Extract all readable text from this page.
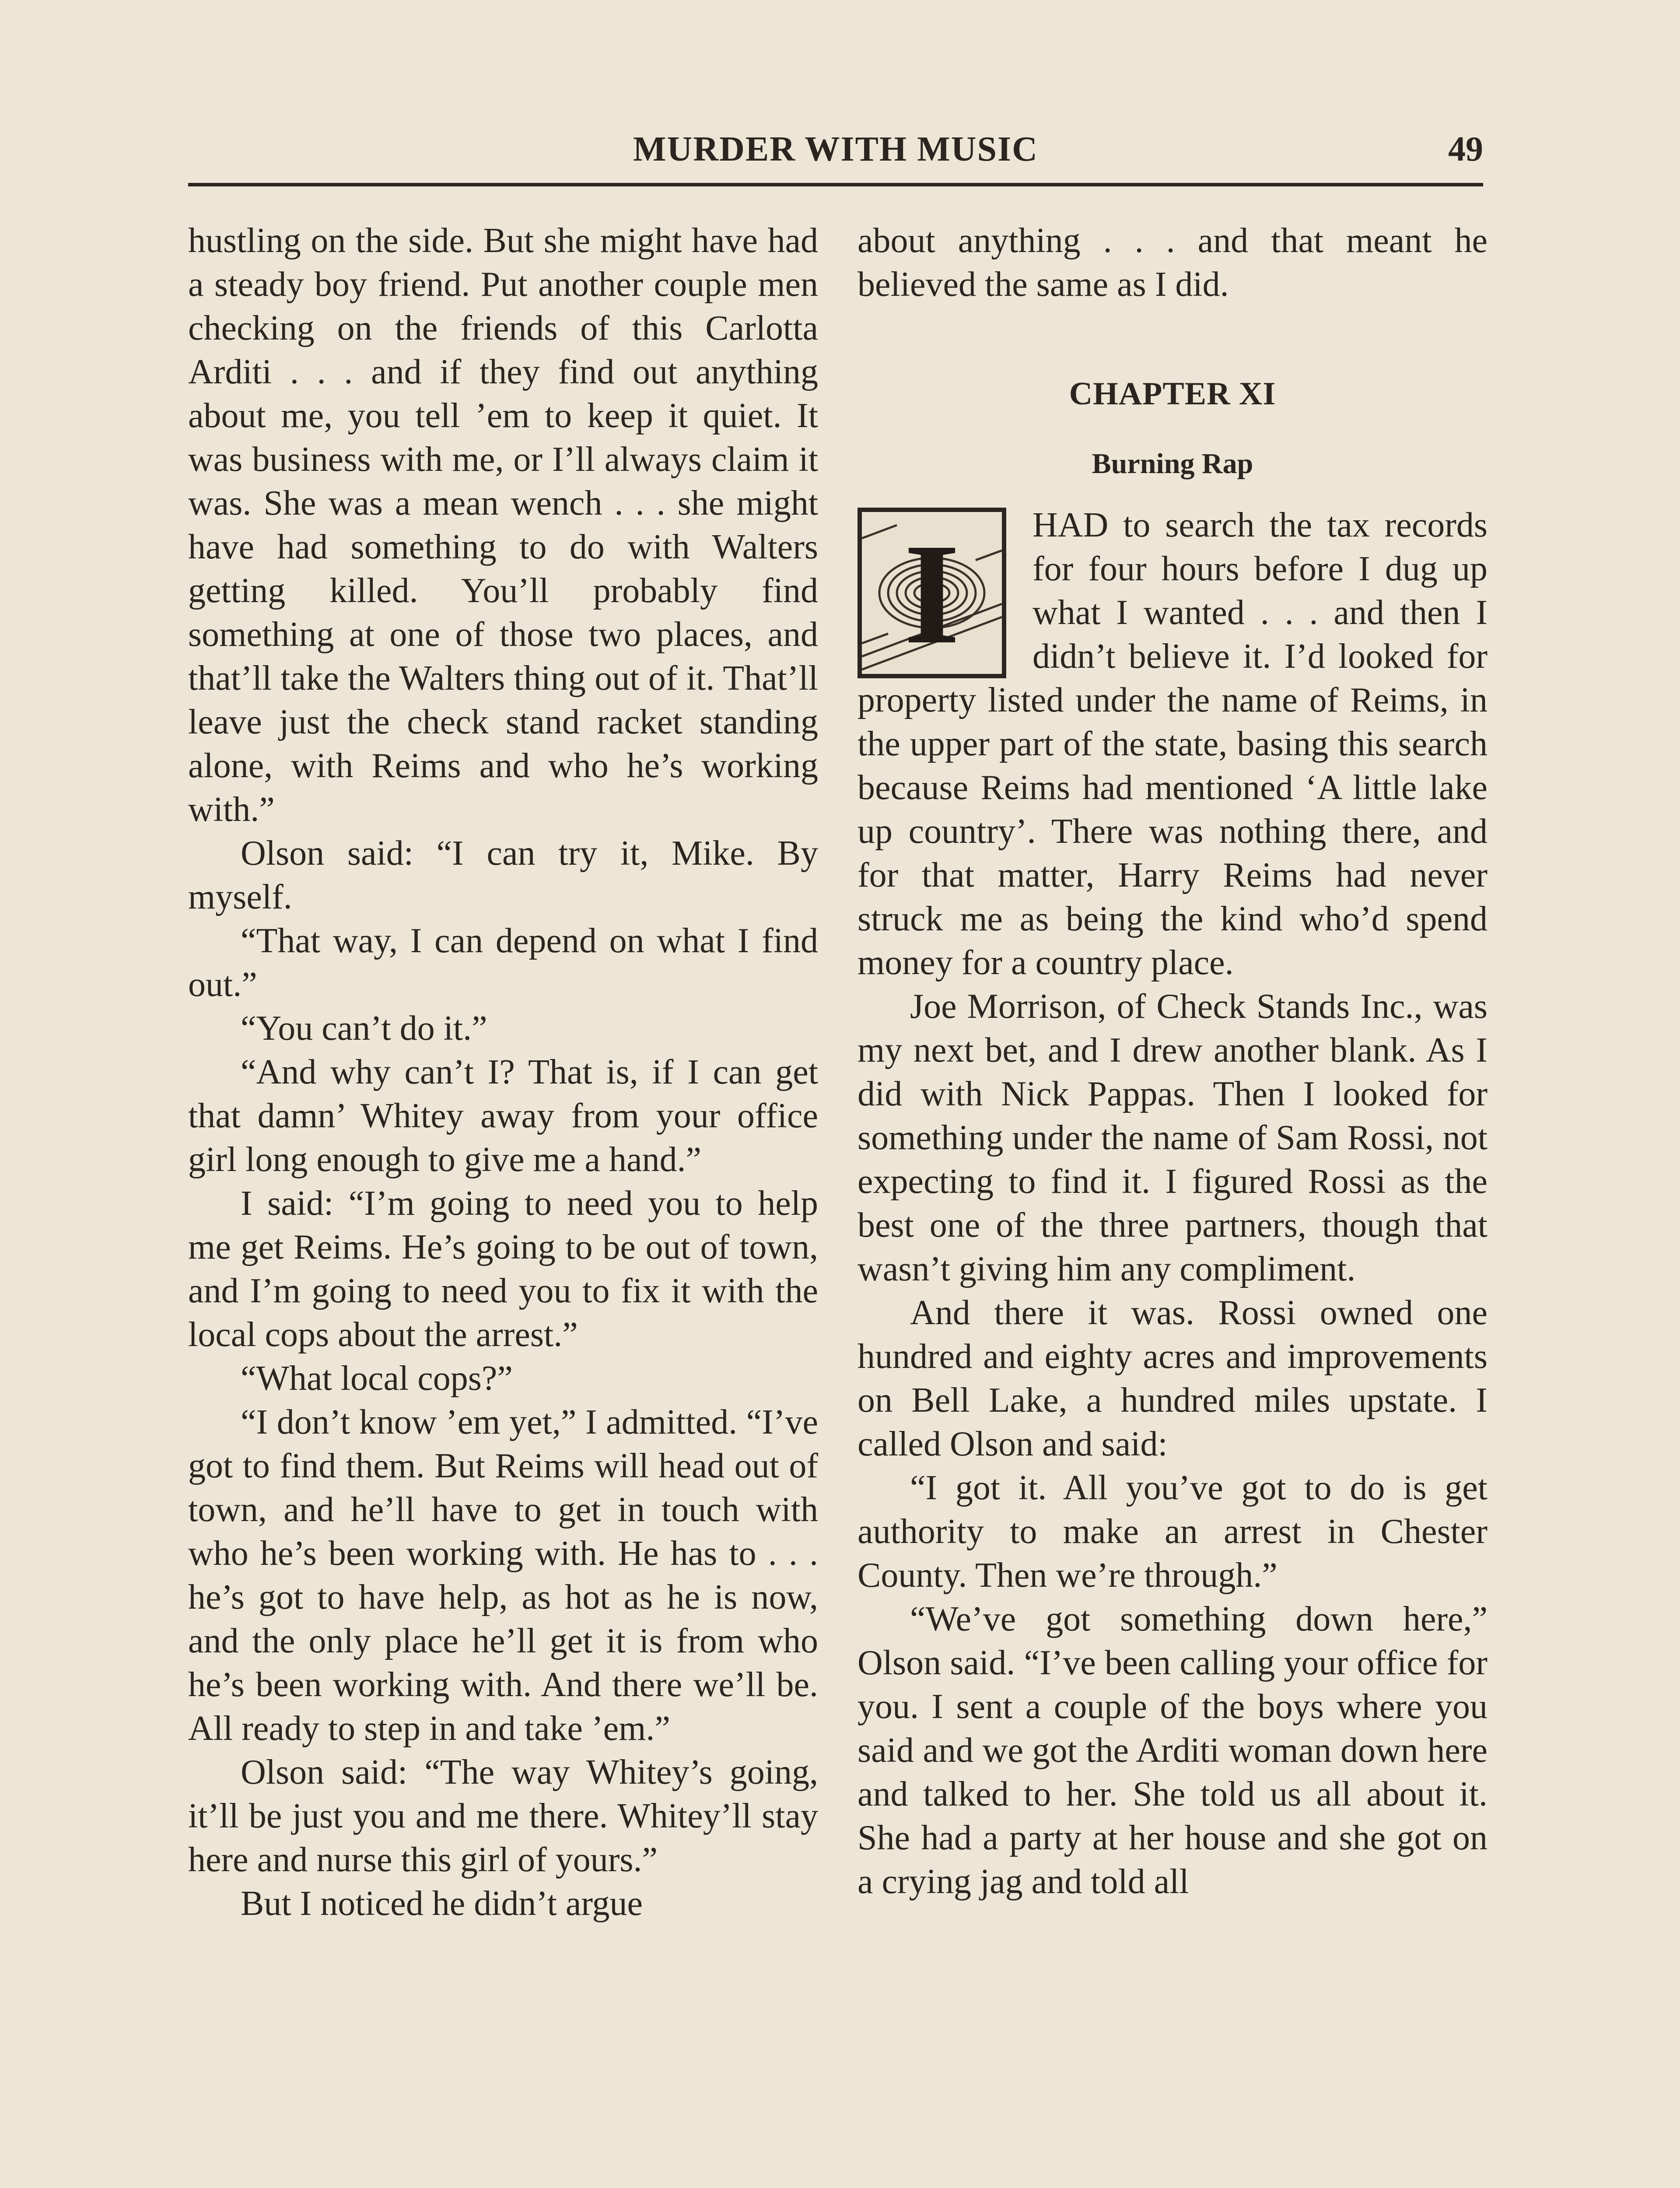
MURDER WITH MUSIC	49

hustling on the side. But she might have had a steady boy friend. Put another couple men checking on the friends of this Carlotta Arditi . . . and if they find out anything about me, you tell ’em to keep it quiet. It was business with me, or I’ll always claim it was. She was a mean wench . . . she might have had something to do with Walters getting killed. You’ll probably find something at one of those two places, and that’ll take the Walters thing out of it. That’ll leave just the check stand racket standing alone, with Reims and who he’s working with.”

Olson said: “I can try it, Mike. By myself.

“That way, I can depend on what I find out.”

“You can’t do it.”

“And why can’t I? That is, if I can get that damn’ Whitey away from your office girl long enough to give me a hand.”

I said: “I’m going to need you to help me get Reims. He’s going to be out of town, and I’m going to need you to fix it with the local cops about the arrest.”

“What local cops?”

“I don’t know ’em yet,” I admitted. “I’ve got to find them. But Reims will head out of town, and he’ll have to get in touch with who he’s been working with. He has to . . . he’s got to have help, as hot as he is now, and the only place he’ll get it is from who he’s been working with. And there we’ll be. All ready to step in and take ’em.”

Olson said: “The way Whitey’s going, it’ll be just you and me there. Whitey’ll stay here and nurse this girl of yours.”

But I noticed he didn’t argue

about anything . . . and that meant he believed the same as I did.

CHAPTER XI
Burning Rap
I	HAD to search the tax records for four hours before I dug up what I wanted . . . and then I didn’t believe it. I’d looked for property listed under the name of Reims, in the upper part of the state, basing this search because Reims had mentioned ‘A little lake up country’. There was nothing there, and for that matter, Harry Reims had never struck me as being the kind who’d spend money for a country place.

Joe Morrison, of Check Stands Inc., was my next bet, and I drew another blank. As I did with Nick Pappas. Then I looked for something under the name of Sam Rossi, not expecting to find it. I figured Rossi as the best one of the three partners, though that wasn’t giving him any compliment.

And there it was. Rossi owned one hundred and eighty acres and improvements on Bell Lake, a hundred miles upstate. I called Olson and said:

“I got it. All you’ve got to do is get authority to make an arrest in Chester County. Then we’re through.”

“We’ve got something down here,” Olson said. “I’ve been calling your office for you. I sent a couple of the boys where you said and we got the Arditi woman down here and talked to her. She told us all about it. She had a party at her house and she got on a crying jag and told all
